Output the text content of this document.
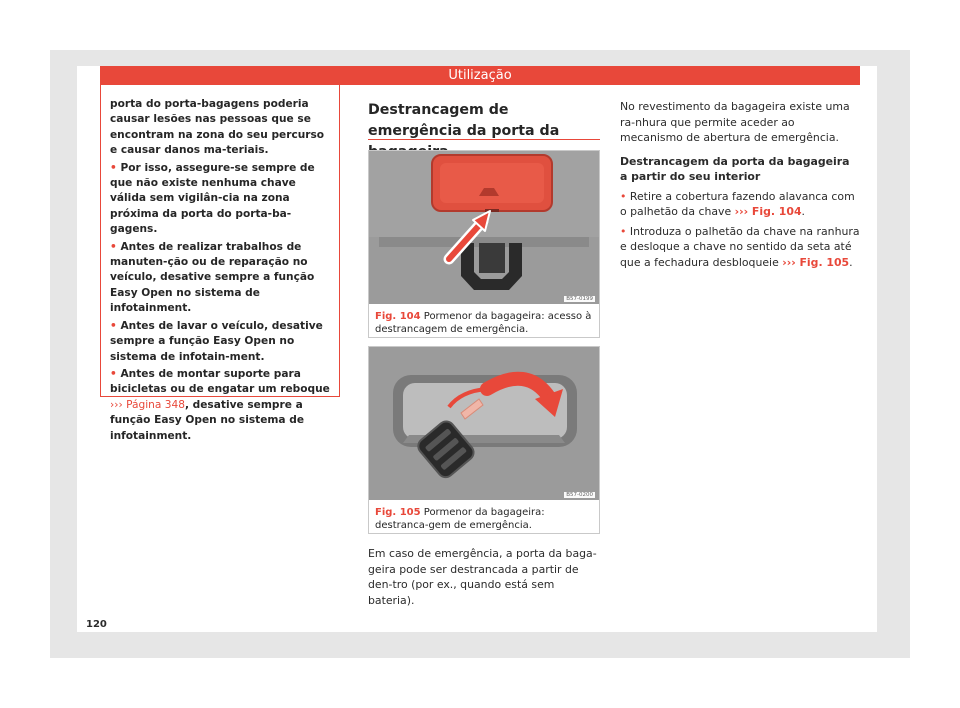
Utilização

porta do porta-bagagens poderia causar lesões nas pessoas que se encontram na zona do seu percurso e causar danos ma-teriais.

• Por isso, assegure-se sempre de que não existe nenhuma chave válida sem vigilân-cia na zona próxima da porta do porta-ba-gagens.

• Antes de realizar trabalhos de manuten-ção ou de reparação no veículo, desative sempre a função Easy Open no sistema de infotainment.

• Antes de lavar o veículo, desative sempre a função Easy Open no sistema de infotain-ment.

• Antes de montar suporte para bicicletas ou de engatar um reboque ››› Página 348, desative sempre a função Easy Open no sistema de infotainment.

Destrancagem de emergência da porta da
B57-0199
Fig. 104 Pormenor da bagageira: acesso à destrancagem de emergência.
B57-0200
Fig. 105 Pormenor da bagageira: destranca-gem de emergência.
Em caso de emergência, a porta da baga-geira pode ser destrancada a partir de den-tro (por ex., quando está sem bateria).

No revestimento da bagageira existe uma ra-nhura que permite aceder ao mecanismo de abertura de emergência.

Destrancagem da porta da bagageira a partir do seu interior

• Retire a cobertura fazendo alavanca com o palhetão da chave ››› Fig. 104.

• Introduza o palhetão da chave na ranhura e desloque a chave no sentido da seta até que a fechadura desbloqueie ››› Fig. 105.

120
